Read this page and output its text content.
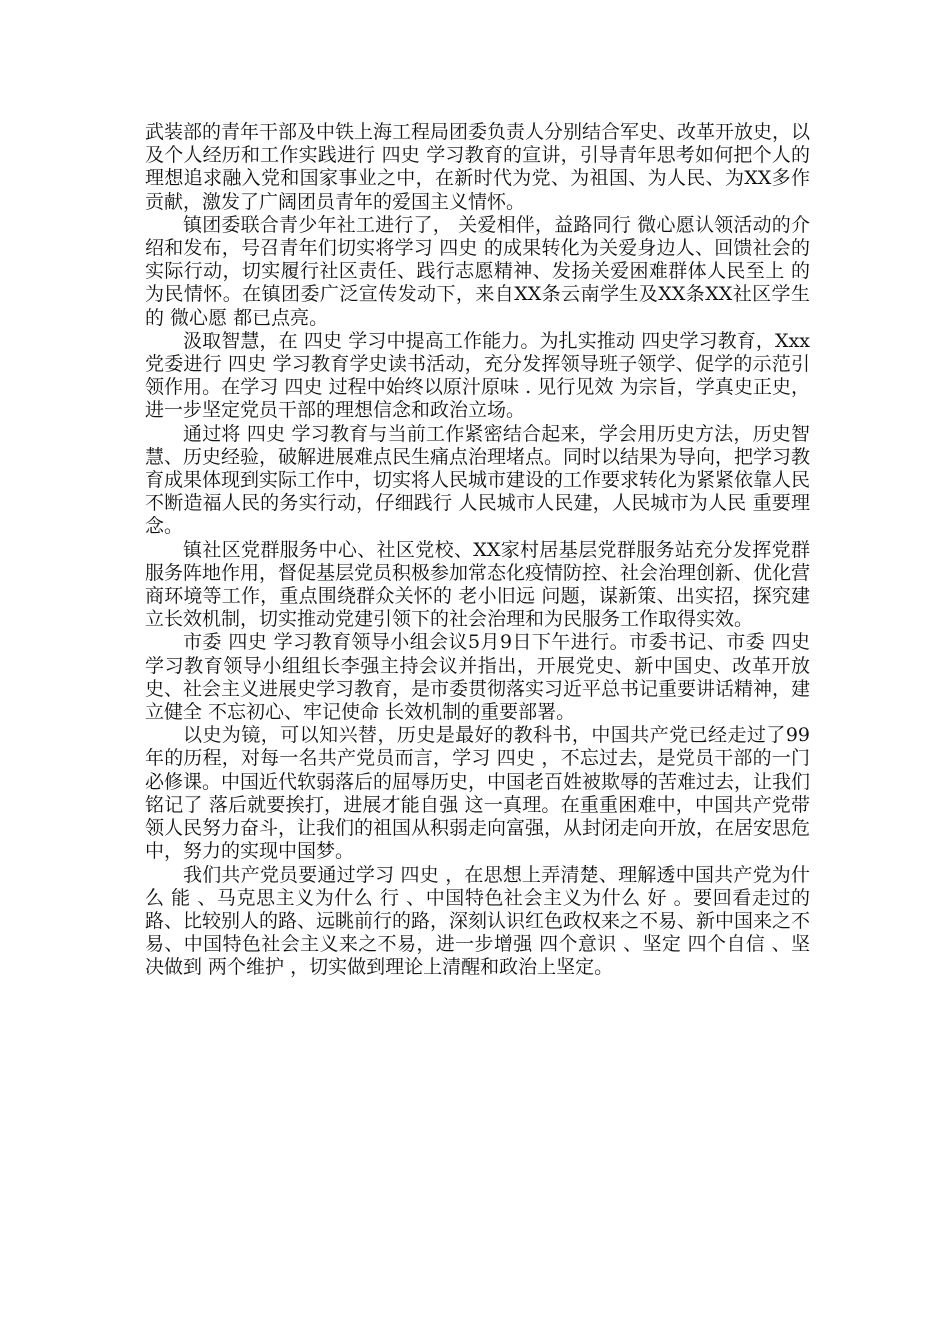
武装部的青年干部及中铁上海工程局团委负责人分别结合军史、改革开放史，以及个人经历和工作实践进行 四史 学习教育的宣讲，引导青年思考如何把个人的理想追求融入党和国家事业之中，在新时代为党、为祖国、为人民、为XX多作贡献，激发了广阔团员青年的爱国主义情怀。

镇团委联合青少年社工进行了， 关爱相伴，益路同行 微心愿认领活动的介绍和发布，号召青年们切实将学习 四史 的成果转化为关爱身边人、回馈社会的实际行动，切实履行社区责任、践行志愿精神、发扬关爱困难群体人民至上 的为民情怀。在镇团委广泛宣传发动下，来自XX条云南学生及XX条XX社区学生的 微心愿 都已点亮。

汲取智慧，在 四史 学习中提高工作能力。为扎实推动 四史学习教育，Xxx党委进行 四史 学习教育学史读书活动，充分发挥领导班子领学、促学的示范引领作用。在学习 四史 过程中始终以原汁原味 . 见行见效 为宗旨，学真史正史，进一步坚定党员干部的理想信念和政治立场。

通过将 四史 学习教育与当前工作紧密结合起来，学会用历史方法，历史智慧、历史经验，破解进展难点民生痛点治理堵点。同时以结果为导向，把学习教育成果体现到实际工作中，切实将人民城市建设的工作要求转化为紧紧依靠人民不断造福人民的务实行动，仔细践行 人民城市人民建，人民城市为人民 重要理念。

镇社区党群服务中心、社区党校、XX家村居基层党群服务站充分发挥党群服务阵地作用，督促基层党员积极参加常态化疫情防控、社会治理创新、优化营商环境等工作，重点围绕群众关怀的 老小旧远 问题，谋新策、出实招，探究建立长效机制，切实推动党建引领下的社会治理和为民服务工作取得实效。

市委 四史 学习教育领导小组会议5月9日下午进行。市委书记、市委 四史 学习教育领导小组组长李强主持会议并指出，开展党史、新中国史、改革开放史、社会主义进展史学习教育，是市委贯彻落实习近平总书记重要讲话精神，建立健全 不忘初心、牢记使命 长效机制的重要部署。

以史为镜，可以知兴替，历史是最好的教科书，中国共产党已经走过了99年的历程，对每一名共产党员而言，学习 四史 ，不忘过去，是党员干部的一门必修课。中国近代软弱落后的屈辱历史，中国老百姓被欺辱的苦难过去，让我们铭记了 落后就要挨打，进展才能自强 这一真理。在重重困难中，中国共产党带领人民努力奋斗，让我们的祖国从积弱走向富强，从封闭走向开放，在居安思危中，努力的实现中国梦。

我们共产党员要通过学习 四史 ，在思想上弄清楚、理解透中国共产党为什么 能 、马克思主义为什么 行 、中国特色社会主义为什么 好 。要回看走过的路、比较别人的路、远眺前行的路，深刻认识红色政权来之不易、新中国来之不易、中国特色社会主义来之不易，进一步增强 四个意识 、坚定 四个自信 、坚决做到 两个维护 ，切实做到理论上清醒和政治上坚定。
